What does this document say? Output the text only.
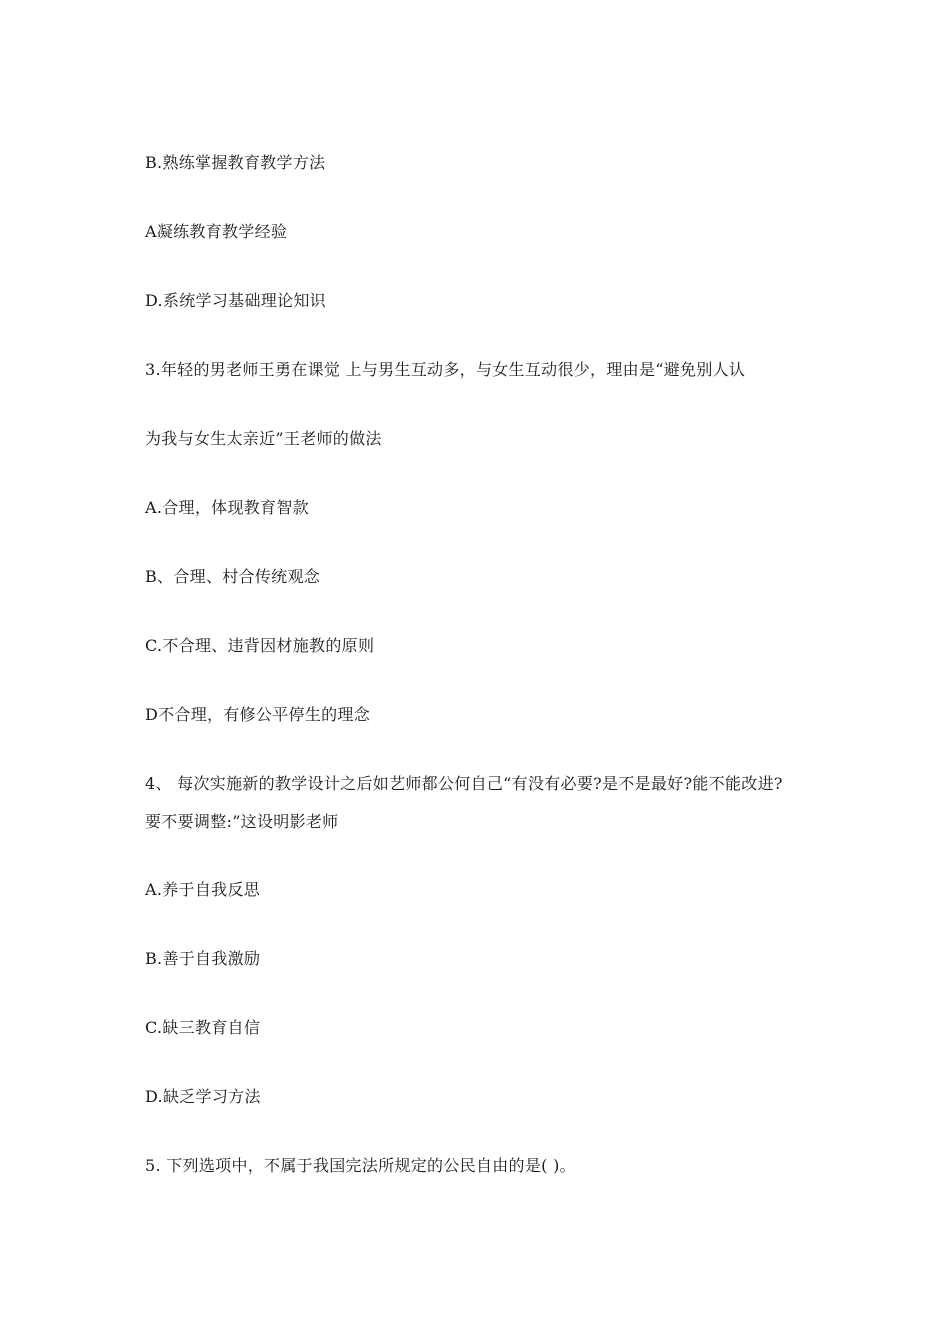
B.熟练掌握教育教学方法
A凝练教育教学经验
D.系统学习基础理论知识
3.年轻的男老师王勇在课觉 上与男生互动多，与女生互动很少，理由是“避免别人认
为我与女生太亲近”王老师的做法
A.合理，体现教育智款
B、合理、村合传统观念
C.不合理、违背因材施教的原则
D不合理，有修公平停生的理念
4、 每次实施新的教学设计之后如艺师都公何自己“有没有必要?是不是最好?能不能改进?
要不要调整:”这设明影老师
A.养于自我反思
B.善于自我激励
C.缺三教育自信
D.缺乏学习方法
5. 下列选项中，不属于我国完法所规定的公民自由的是( )。
